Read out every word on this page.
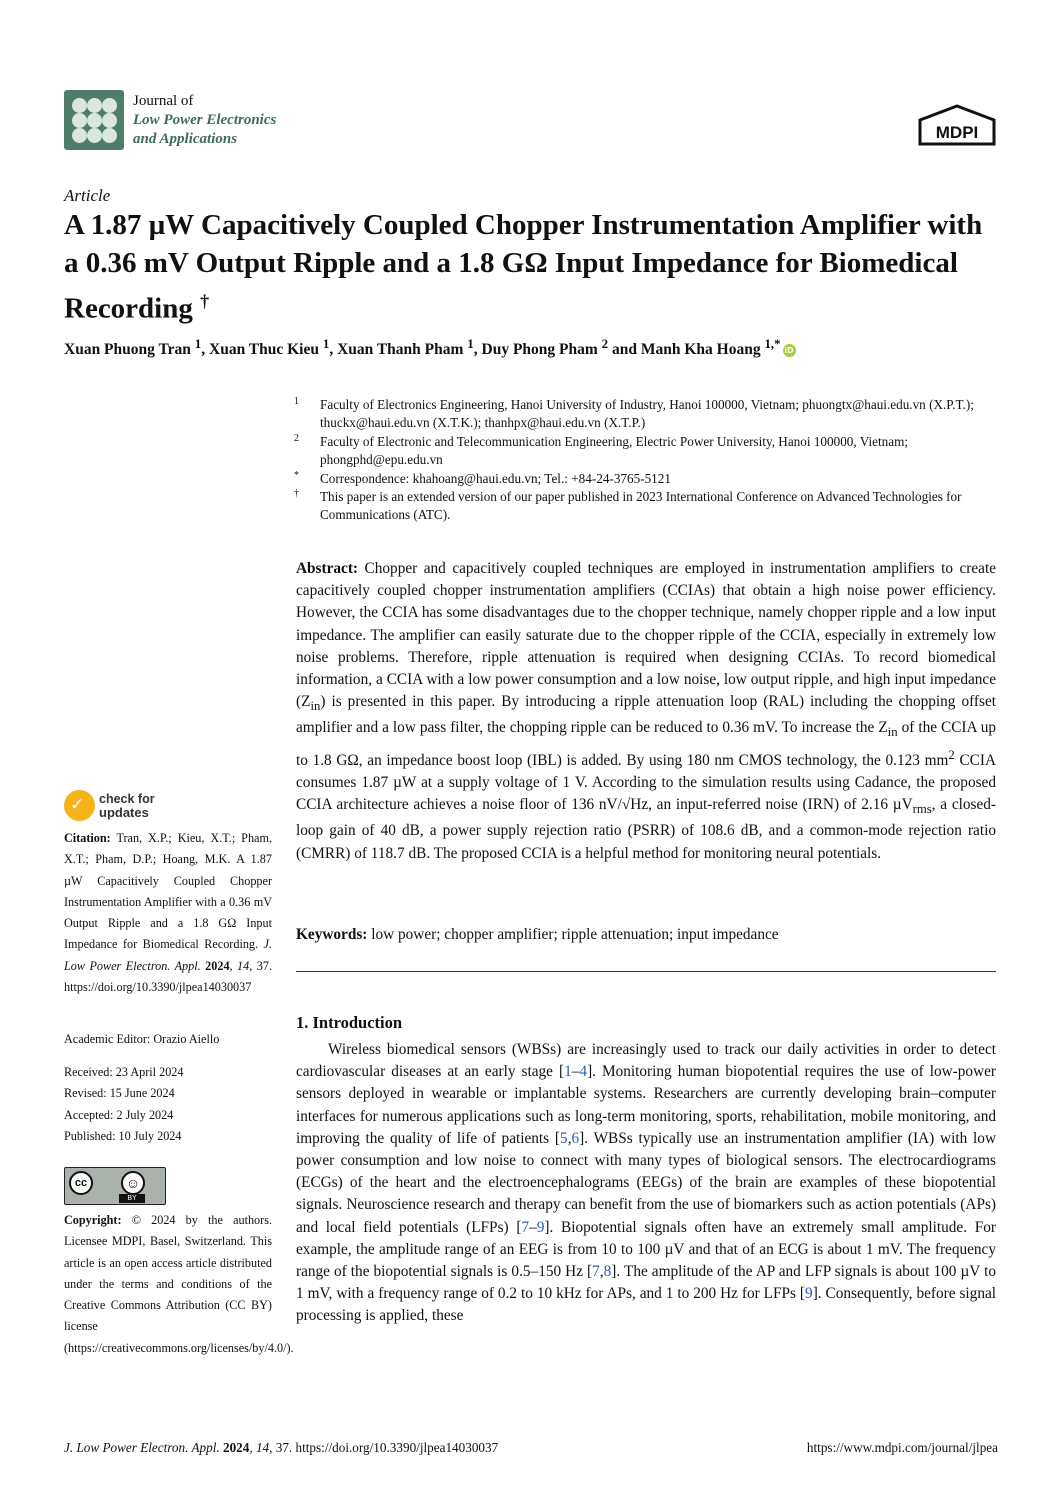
Journal of
Low Power Electronics
and Applications	MDPI
Article
A 1.87 µW Capacitively Coupled Chopper Instrumentation Amplifier with a 0.36 mV Output Ripple and a 1.8 GΩ Input Impedance for Biomedical Recording †
Xuan Phuong Tran $^1$, Xuan Thuc Kieu $^1$, Xuan Thanh Pham $^1$, Duy Phong Pham $^2$ and Manh Kha Hoang $^{1,*}$ iD
1 Faculty of Electronics Engineering, Hanoi University of Industry, Hanoi 100000, Vietnam; phuongtx@haui.edu.vn (X.P.T.); thuckx@haui.edu.vn (X.T.K.); thanhpx@haui.edu.vn (X.T.P.)
2 Faculty of Electronic and Telecommunication Engineering, Electric Power University, Hanoi 100000, Vietnam; phongphd@epu.edu.vn
* Correspondence: khahoang@haui.edu.vn; Tel.: +84-24-3765-5121
† This paper is an extended version of our paper published in 2023 International Conference on Advanced Technologies for Communications (ATC).
Abstract: Chopper and capacitively coupled techniques are employed in instrumentation amplifiers to create capacitively coupled chopper instrumentation amplifiers (CCIAs) that obtain a high noise power efficiency. However, the CCIA has some disadvantages due to the chopper technique, namely chopper ripple and a low input impedance. The amplifier can easily saturate due to the chopper ripple of the CCIA, especially in extremely low noise problems. Therefore, ripple attenuation is required when designing CCIAs. To record biomedical information, a CCIA with a low power consumption and a low noise, low output ripple, and high input impedance $(Z_{in})$ is presented in this paper. By introducing a ripple attenuation loop (RAL) including the chopping offset amplifier and a low pass filter, the chopping ripple can be reduced to 0.36 mV. To increase the $Z_{in}$ of the CCIA up to 1.8 GΩ, an impedance boost loop (IBL) is added. By using 180 nm CMOS technology, the 0.123 $mm^2$ CCIA consumes 1.87 µW at a supply voltage of 1 V. According to the simulation results using Cadance, the proposed CCIA architecture achieves a noise floor of 136 nV/√Hz, an input-referred noise (IRN) of 2.16 µV$_{rms}$, a closed-loop gain of 40 dB, a power supply rejection ratio (PSRR) of 108.6 dB, and a common-mode rejection ratio (CMRR) of 118.7 dB. The proposed CCIA is a helpful method for monitoring neural potentials.
Keywords: low power; chopper amplifier; ripple attenuation; input impedance
1. Introduction

Wireless biomedical sensors (WBSs) are increasingly used to track our daily activities in order to detect cardiovascular diseases at an early stage [1–4]. Monitoring human biopotential requires the use of low-power sensors deployed in wearable or implantable systems. Researchers are currently developing brain–computer interfaces for numerous applications such as long-term monitoring, sports, rehabilitation, mobile monitoring, and improving the quality of life of patients [5,6]. WBSs typically use an instrumentation amplifier (IA) with low power consumption and low noise to connect with many types of biological sensors. The electrocardiograms (ECGs) of the heart and the electroencephalograms (EEGs) of the brain are examples of these biopotential signals. Neuroscience research and therapy can benefit from the use of biomarkers such as action potentials (APs) and local field potentials (LFPs) [7–9]. Biopotential signals often have an extremely small amplitude. For example, the amplitude range of an EEG is from 10 to 100 µV and that of an ECG is about 1 mV. The frequency range of the biopotential signals is 0.5–150 Hz [7,8]. The amplitude of the AP and LFP signals is about 100 µV to 1 mV, with a frequency range of 0.2 to 10 kHz for APs, and 1 to 200 Hz for LFPs [9]. Consequently, before signal processing is applied, these

✓ check for
updates
Citation: Tran, X.P.; Kieu, X.T.; Pham, X.T.; Pham, D.P.; Hoang, M.K. A 1.87 µW Capacitively Coupled Chopper Instrumentation Amplifier with a 0.36 mV Output Ripple and a 1.8 GΩ Input Impedance for Biomedical Recording. J. Low Power Electron. Appl. 2024, 14, 37. https://doi.org/10.3390/jlpea14030037
Academic Editor: Orazio Aiello
Received: 23 April 2024
Revised: 15 June 2024
Accepted: 2 July 2024
Published: 10 July 2024
cc	☺
BY
Copyright: © 2024 by the authors. Licensee MDPI, Basel, Switzerland. This article is an open access article distributed under the terms and conditions of the Creative Commons Attribution (CC BY) license (https://creativecommons.org/licenses/by/4.0/).
J. Low Power Electron. Appl. 2024, 14, 37. https://doi.org/10.3390/jlpea14030037	https://www.mdpi.com/journal/jlpea
